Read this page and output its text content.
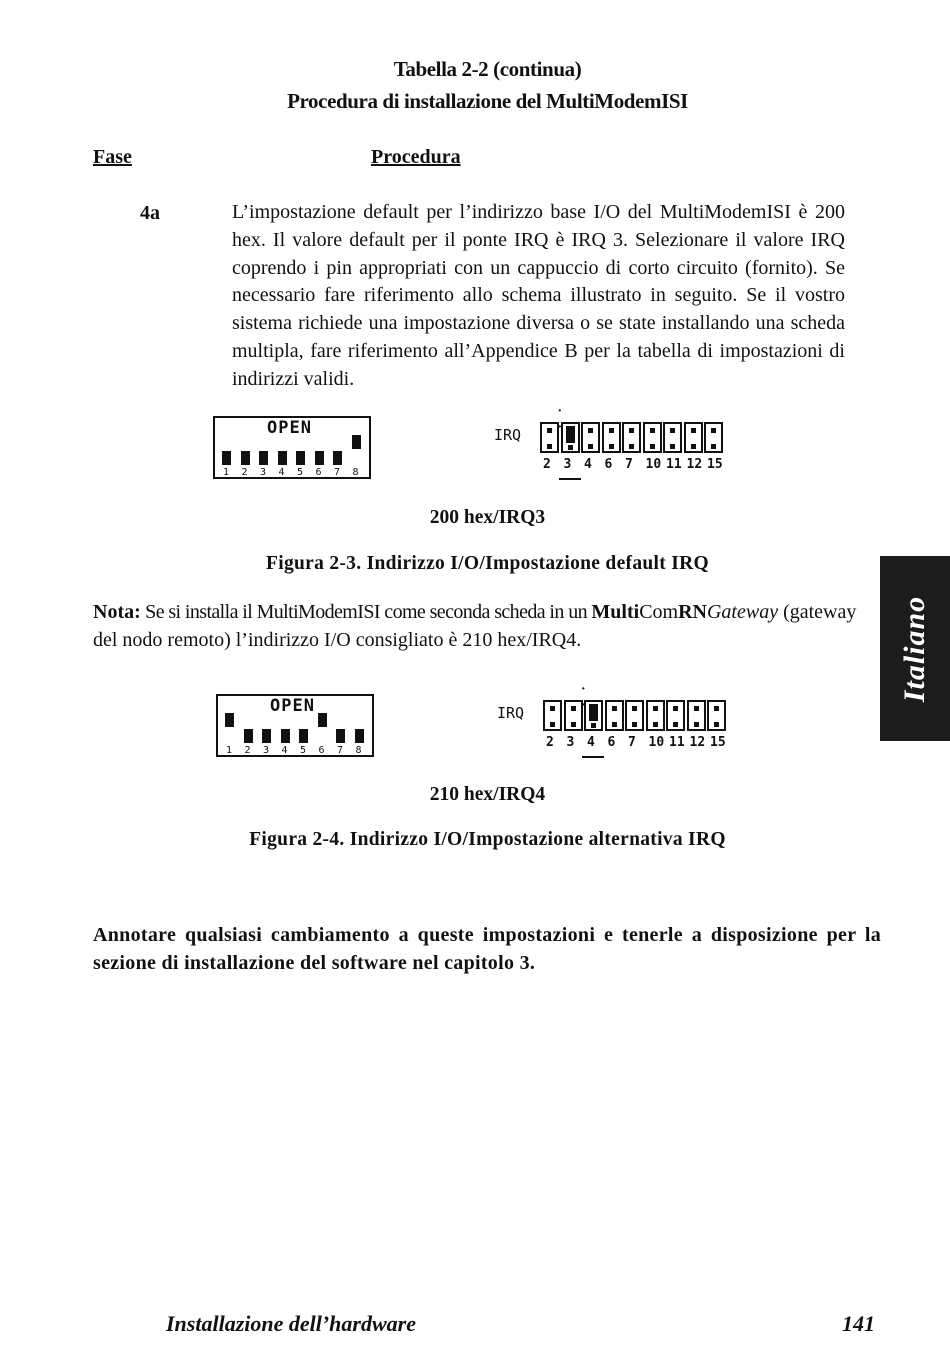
Tabella 2-2 (continua)
Procedura di installazione del MultiModemISI
Fase	Procedura
4a	L’impostazione default per l’indirizzo base I/O del MultiModemISI è 200 hex. Il valore default per il ponte IRQ è IRQ 3. Selezionare il valore IRQ coprendo i pin appropriati con un cappuccio di corto circuito (fornito). Se necessario fare riferimento allo schema illustrato in seguito. Se il vostro sistema richiede una impostazione diversa o se state installando una scheda multipla, fare riferimento all’Appendice B per la tabella di impostazioni di indirizzi validi.
OPEN
1 2 3 4 5 6 7 8
IRQ
2 3
· ·
4 6 7 10 11 12 15
200 hex/IRQ3
Figura 2-3. Indirizzo I/O/Impostazione default IRQ
Nota: Se si installa il MultiModemISI come seconda scheda in un MultiComRNGateway (gateway del nodo remoto) l’indirizzo I/O consigliato è 210 hex/IRQ4.
OPEN
1 2 3 4 5 6 7 8
IRQ
2 3 4
· ·
6 7 10 11 12 15
210 hex/IRQ4
Figura 2-4. Indirizzo I/O/Impostazione alternativa IRQ
Annotare qualsiasi cambiamento a queste impostazioni e tenerle a disposizione per la sezione di installazione del software nel capitolo 3.
Italiano
Installazione dell’hardware	141
